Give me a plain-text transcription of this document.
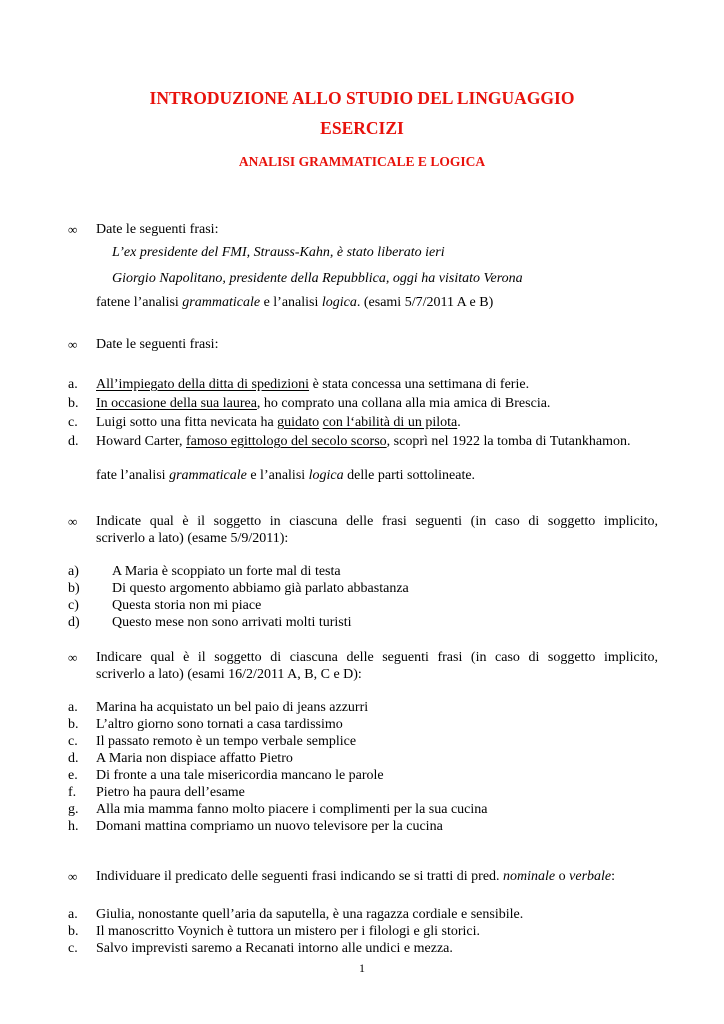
INTRODUZIONE ALLO STUDIO DEL LINGUAGGIO
ESERCIZI
ANALISI GRAMMATICALE E LOGICA
∞ Date le seguenti frasi:
L’ex presidente del FMI, Strauss-Kahn, è stato liberato ieri
Giorgio Napolitano, presidente della Repubblica, oggi ha visitato Verona
fatene l’analisi grammaticale e l’analisi logica. (esami 5/7/2011 A e B)
∞ Date le seguenti frasi:
a. All’impiegato della ditta di spedizioni è stata concessa una settimana di ferie.
b. In occasione della sua laurea, ho comprato una collana alla mia amica di Brescia.
c. Luigi sotto una fitta nevicata ha guidato con l‘abilità di un pilota.
d. Howard Carter, famoso egittologo del secolo scorso, scoprì nel 1922 la tomba di Tutankhamon.
fate l’analisi grammaticale e l’analisi logica delle parti sottolineate.
∞ Indicate qual è il soggetto in ciascuna delle frasi seguenti (in caso di soggetto implicito,
scriverlo a lato) (esame 5/9/2011):
a) A Maria è scoppiato un forte mal di testa
b) Di questo argomento abbiamo già parlato abbastanza
c) Questa storia non mi piace
d) Questo mese non sono arrivati molti turisti
∞ Indicare qual è il soggetto di ciascuna delle seguenti frasi (in caso di soggetto implicito,
scriverlo a lato) (esami 16/2/2011 A, B, C e D):
a. Marina ha acquistato un bel paio di jeans azzurri
b. L’altro giorno sono tornati a casa tardissimo
c. Il passato remoto è un tempo verbale semplice
d. A Maria non dispiace affatto Pietro
e. Di fronte a una tale misericordia mancano le parole
f. Pietro ha paura dell’esame
g. Alla mia mamma fanno molto piacere i complimenti per la sua cucina
h. Domani mattina compriamo un nuovo televisore per la cucina
∞ Individuare il predicato delle seguenti frasi indicando se si tratti di pred. nominale o verbale:
a. Giulia, nonostante quell’aria da saputella, è una ragazza cordiale e sensibile.
b. Il manoscritto Voynich è tuttora un mistero per i filologi e gli storici.
c. Salvo imprevisti saremo a Recanati intorno alle undici e mezza.
1
